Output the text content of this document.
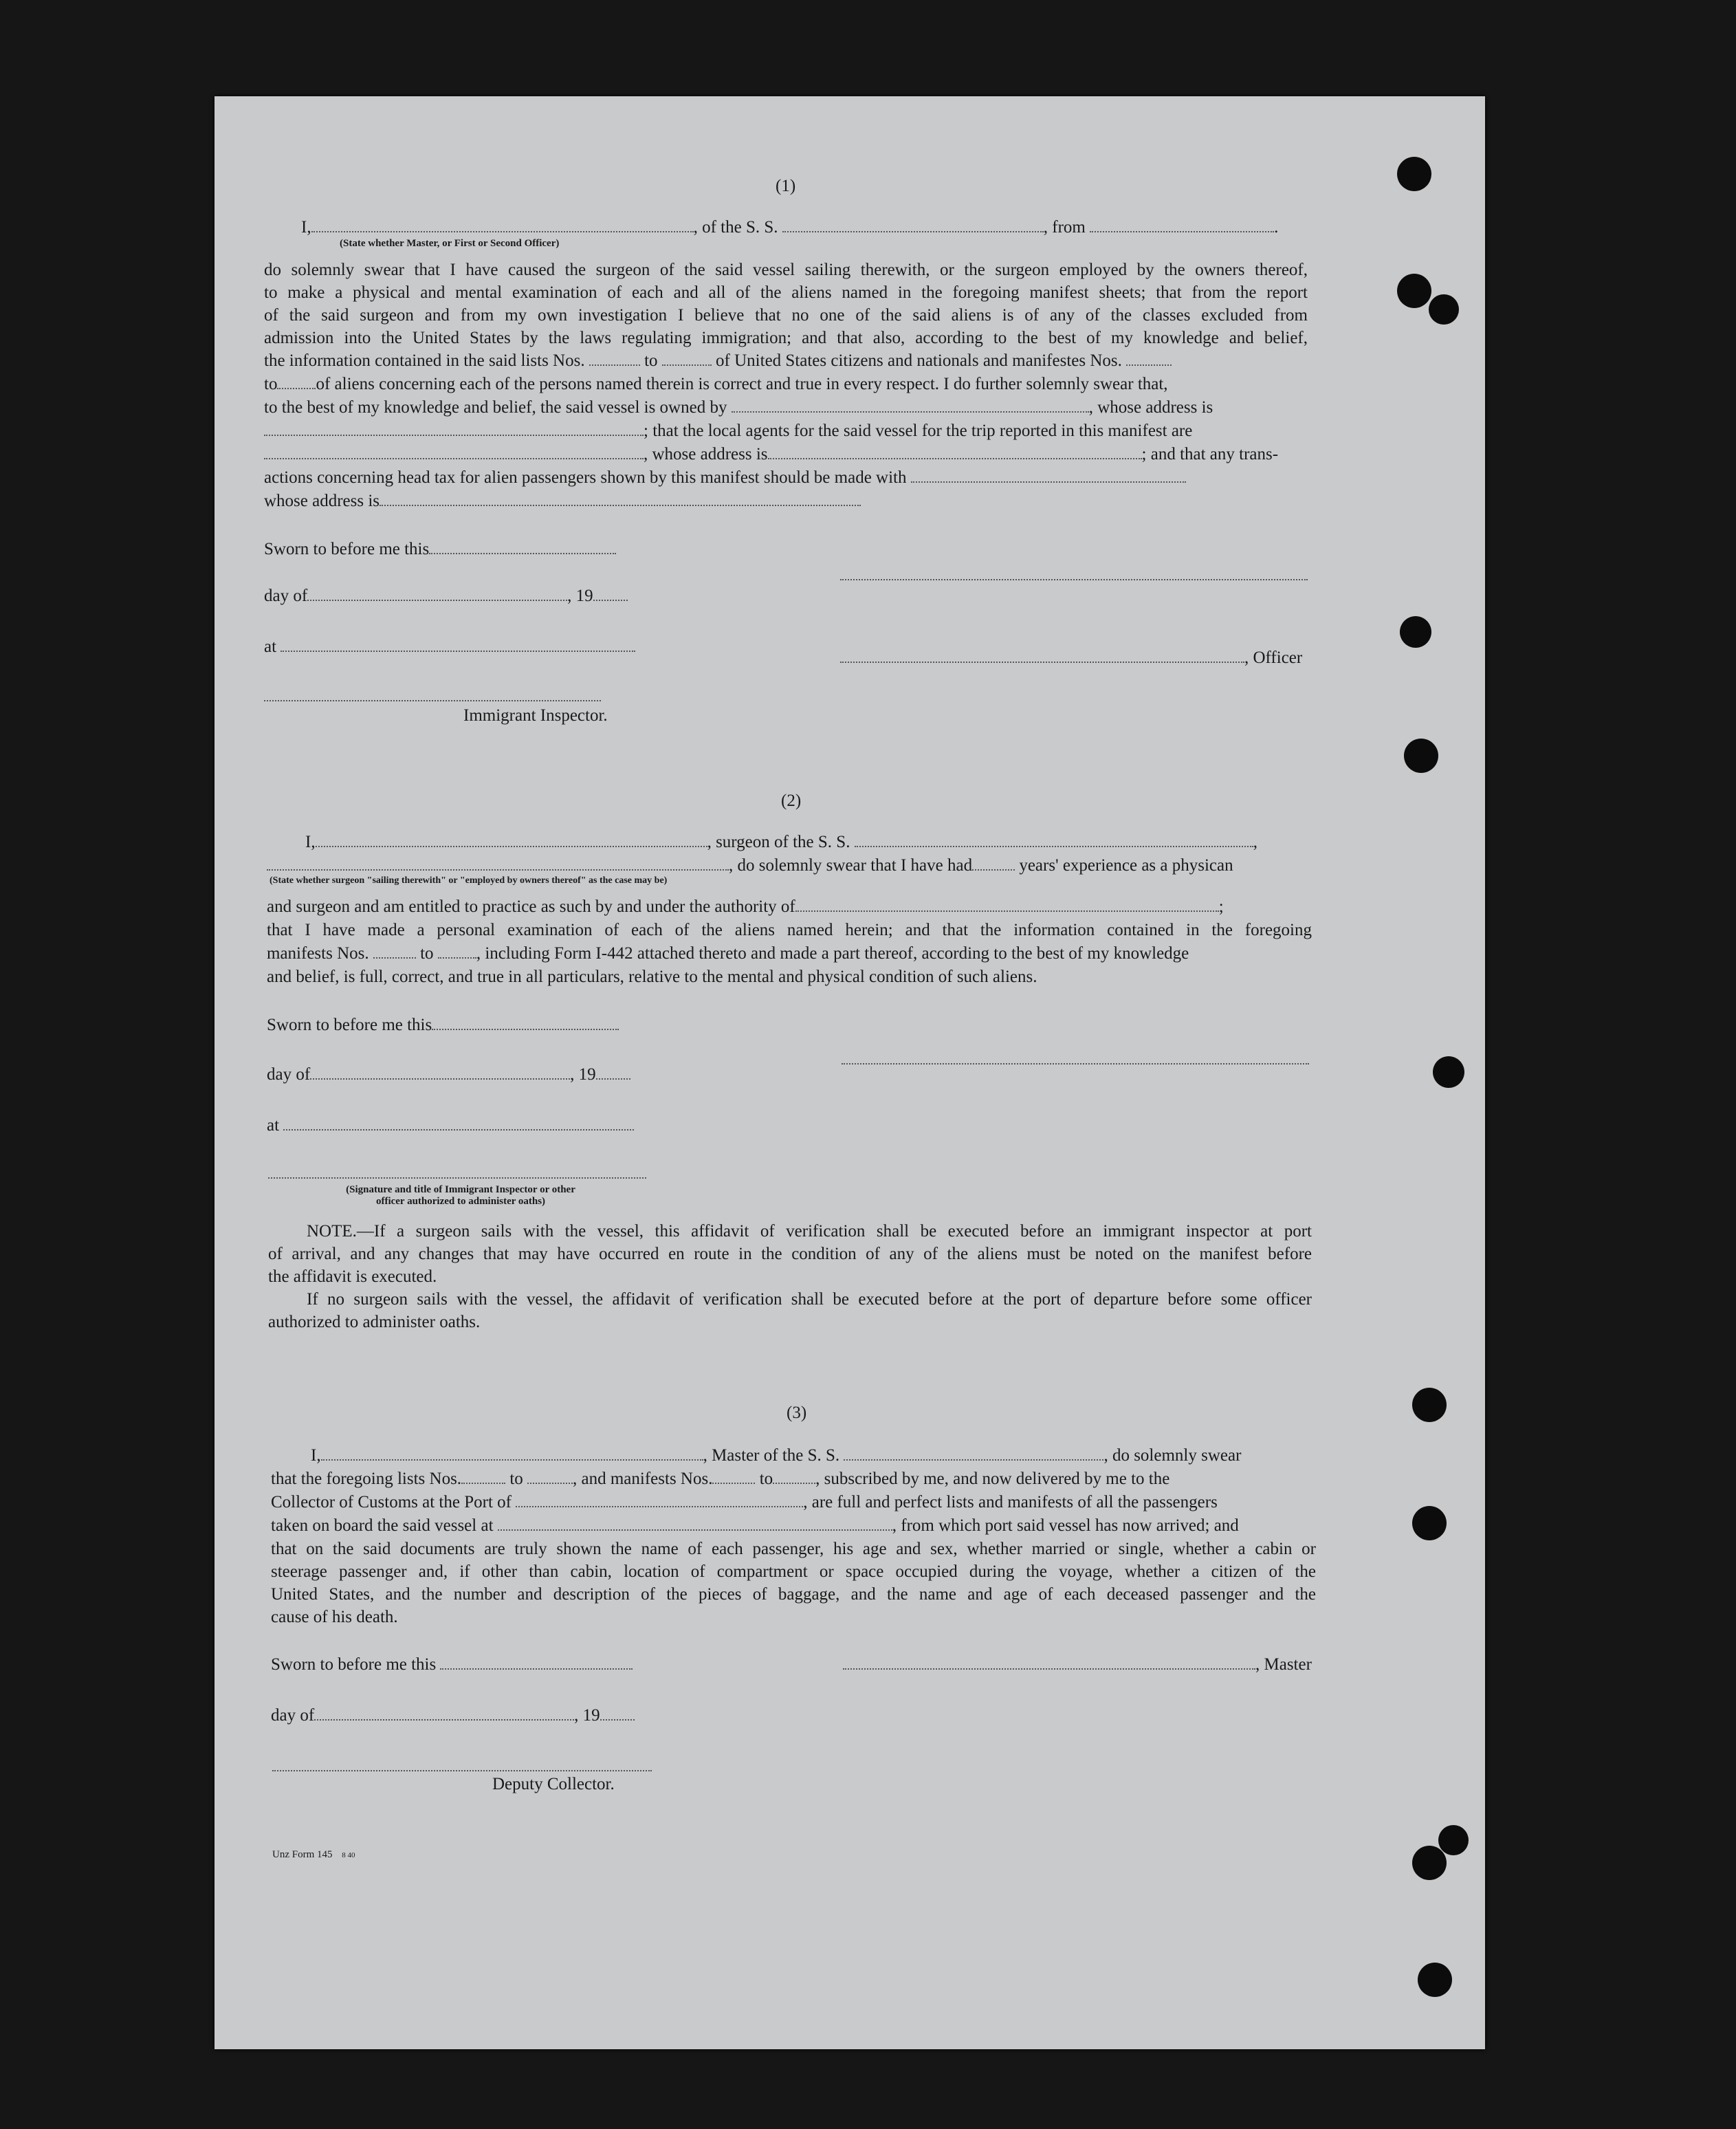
(1)
I,	, of the S. S.	, from	.
(State whether Master, or First or Second Officer)
do solemnly swear that I have caused the surgeon of the said vessel sailing therewith, or the surgeon employed by the owners thereof,
to make a physical and mental examination of each and all of the aliens named in the foregoing manifest sheets; that from the report
of the said surgeon and from my own investigation I believe that no one of the said aliens is of any of the classes excluded from
admission into the United States by the laws regulating immigration; and that also, according to the best of my knowledge and belief,
the information contained in the said lists Nos.	to	of United States citizens and nationals and manifestes Nos.
to of aliens concerning each of the persons named therein is correct and true in every respect. I do further solemnly swear that,
to the best of my knowledge and belief, the said vessel is owned by	, whose address is
; that the local agents for the said vessel for the trip reported in this manifest are
, whose address is	; and that any trans-
actions concerning head tax for alien passengers shown by this manifest should be made with
whose address is
Sworn to before me this
day of	, 19
at
, Officer
Immigrant Inspector.
(2)
I,	, surgeon of the S. S.	,
, do solemnly swear that I have had	years' experience as a physican
(State whether surgeon "sailing therewith" or "employed by owners thereof" as the case may be)
and surgeon and am entitled to practice as such by and under the authority of	;
that I have made a personal examination of each of the aliens named herein; and that the information contained in the foregoing
manifests Nos.	to , including Form I-442 attached thereto and made a part thereof, according to the best of my knowledge
and belief, is full, correct, and true in all particulars, relative to the mental and physical condition of such aliens.
Sworn to before me this
day of	, 19
at
(Signature and title of Immigrant Inspector or other
officer authorized to administer oaths)
NOTE.—If a surgeon sails with the vessel, this affidavit of verification shall be executed before an immigrant inspector at port
of arrival, and any changes that may have occurred en route in the condition of any of the aliens must be noted on the manifest before
the affidavit is executed.
If no surgeon sails with the vessel, the affidavit of verification shall be executed before at the port of departure before some officer
authorized to administer oaths.
(3)
I,	, Master of the S. S.	, do solemnly swear
that the foregoing lists Nos.	to	, and manifests Nos.	to , subscribed by me, and now delivered by me to the
Collector of Customs at the Port of	, are full and perfect lists and manifests of all the passengers
taken on board the said vessel at	, from which port said vessel has now arrived; and
that on the said documents are truly shown the name of each passenger, his age and sex, whether married or single, whether a cabin or
steerage passenger and, if other than cabin, location of compartment or space occupied during the voyage, whether a citizen of the
United States, and the number and description of the pieces of baggage, and the name and age of each deceased passenger and the
cause of his death.
Sworn to before me this	, Master
day of	, 19
Deputy Collector.
Unz Form 145 8 40
